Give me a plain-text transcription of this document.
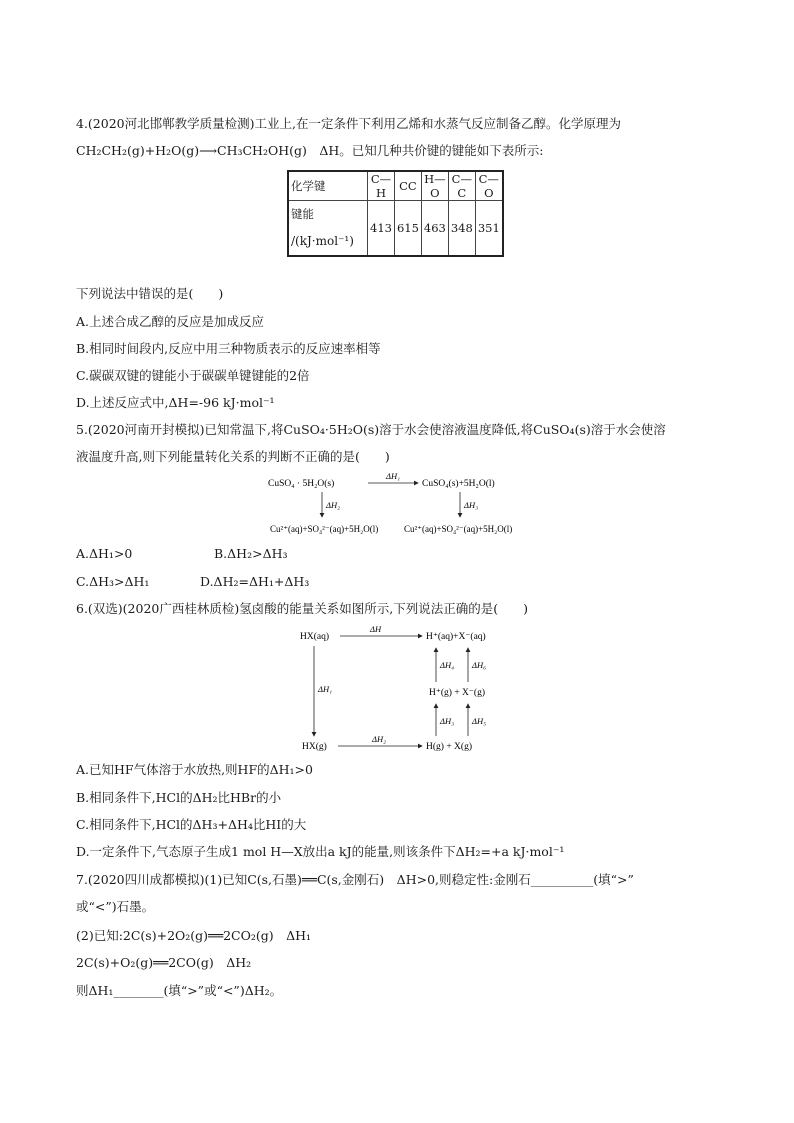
4.(2020河北邯郸教学质量检测)工业上,在一定条件下利用乙烯和水蒸气反应制备乙醇。化学原理为
CH₂CH₂(g)+H₂O(g)⟶CH₃CH₂OH(g)　ΔH。已知几种共价键的键能如下表所示:
化学键	C—H	CC	H—O	C—C	C—O
键能
/(kJ·mol⁻¹)	413	615	463	348	351
下列说法中错误的是(　　)
A.上述合成乙醇的反应是加成反应
B.相同时间段内,反应中用三种物质表示的反应速率相等
C.碳碳双键的键能小于碳碳单键键能的2倍
D.上述反应式中,ΔH=-96 kJ·mol⁻¹
5.(2020河南开封模拟)已知常温下,将CuSO₄·5H₂O(s)溶于水会使溶液温度降低,将CuSO₄(s)溶于水会使溶
液温度升高,则下列能量转化关系的判断不正确的是(　　)
CuSO₄ · 5H₂O(s)
ΔH₁
CuSO₄(s)+5H₂O(l)
ΔH₂	ΔH₃
Cu²⁺(aq)+SO₄²⁻(aq)+5H₂O(l)	Cu²⁺(aq)+SO₄²⁻(aq)+5H₂O(l)
A.ΔH₁>0	B.ΔH₂>ΔH₃
C.ΔH₃>ΔH₁	D.ΔH₂=ΔH₁+ΔH₃
6.(双选)(2020广西桂林质检)氢卤酸的能量关系如图所示,下列说法正确的是(　　)
HX(aq)
ΔH
H⁺(aq)+X⁻(aq)
ΔH₁
ΔH₄ ΔH₆
H⁺(g) + X⁻(g)
ΔH₃ ΔH₅
HX(g)
ΔH₂
H(g) + X(g)
A.已知HF气体溶于水放热,则HF的ΔH₁>0
B.相同条件下,HCl的ΔH₂比HBr的小
C.相同条件下,HCl的ΔH₃+ΔH₄比HI的大
D.一定条件下,气态原子生成1 mol H—X放出a kJ的能量,则该条件下ΔH₂=+a kJ·mol⁻¹
7.(2020四川成都模拟)(1)已知C(s,石墨)══C(s,金刚石)　ΔH>0,则稳定性:金刚石__________(填“>”
或“<”)石墨。
(2)已知:2C(s)+2O₂(g)══2CO₂(g)　ΔH₁
2C(s)+O₂(g)══2CO(g)　ΔH₂
则ΔH₁________(填“>”或“<”)ΔH₂。
